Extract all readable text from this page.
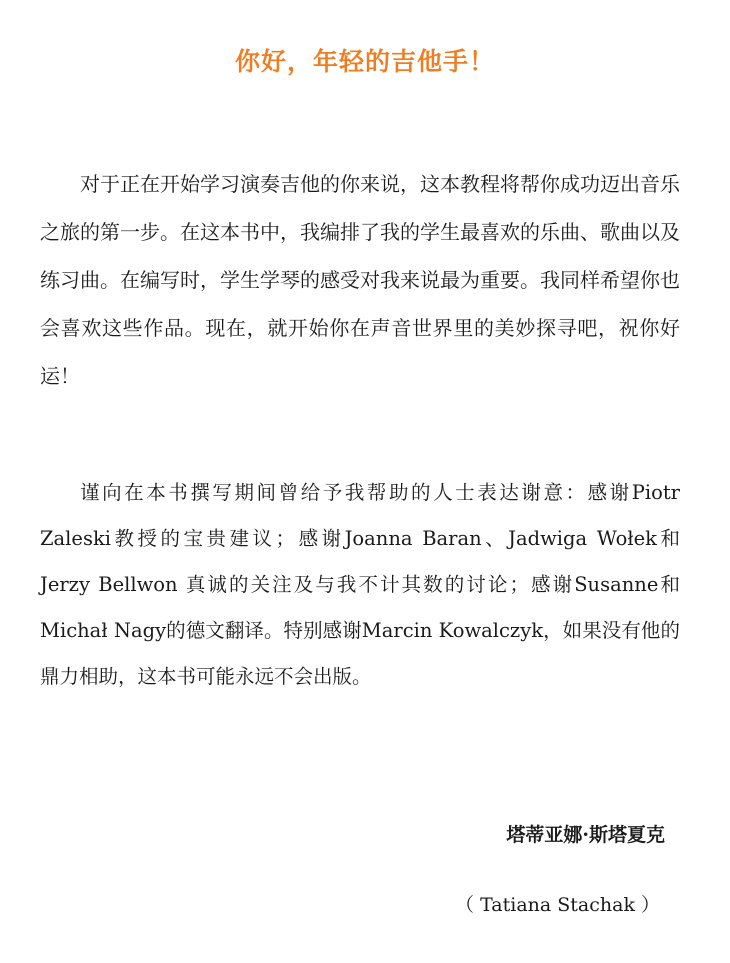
你好，年轻的吉他手！

对于正在开始学习演奏吉他的你来说，这本教程将帮你成功迈出音乐之旅的第一步。在这本书中，我编排了我的学生最喜欢的乐曲、歌曲以及练习曲。在编写时，学生学琴的感受对我来说最为重要。我同样希望你也会喜欢这些作品。现在，就开始你在声音世界里的美妙探寻吧，祝你好运！

谨向在本书撰写期间曾给予我帮助的人士表达谢意：感谢Piotr Zaleski教授的宝贵建议；感谢Joanna Baran、Jadwiga Wołek和 Jerzy Bellwon 真诚的关注及与我不计其数的讨论；感谢Susanne和 Michał Nagy的德文翻译。特别感谢Marcin Kowalczyk，如果没有他的鼎力相助，这本书可能永远不会出版。

塔蒂亚娜·斯塔夏克
（ Tatiana Stachak ）
